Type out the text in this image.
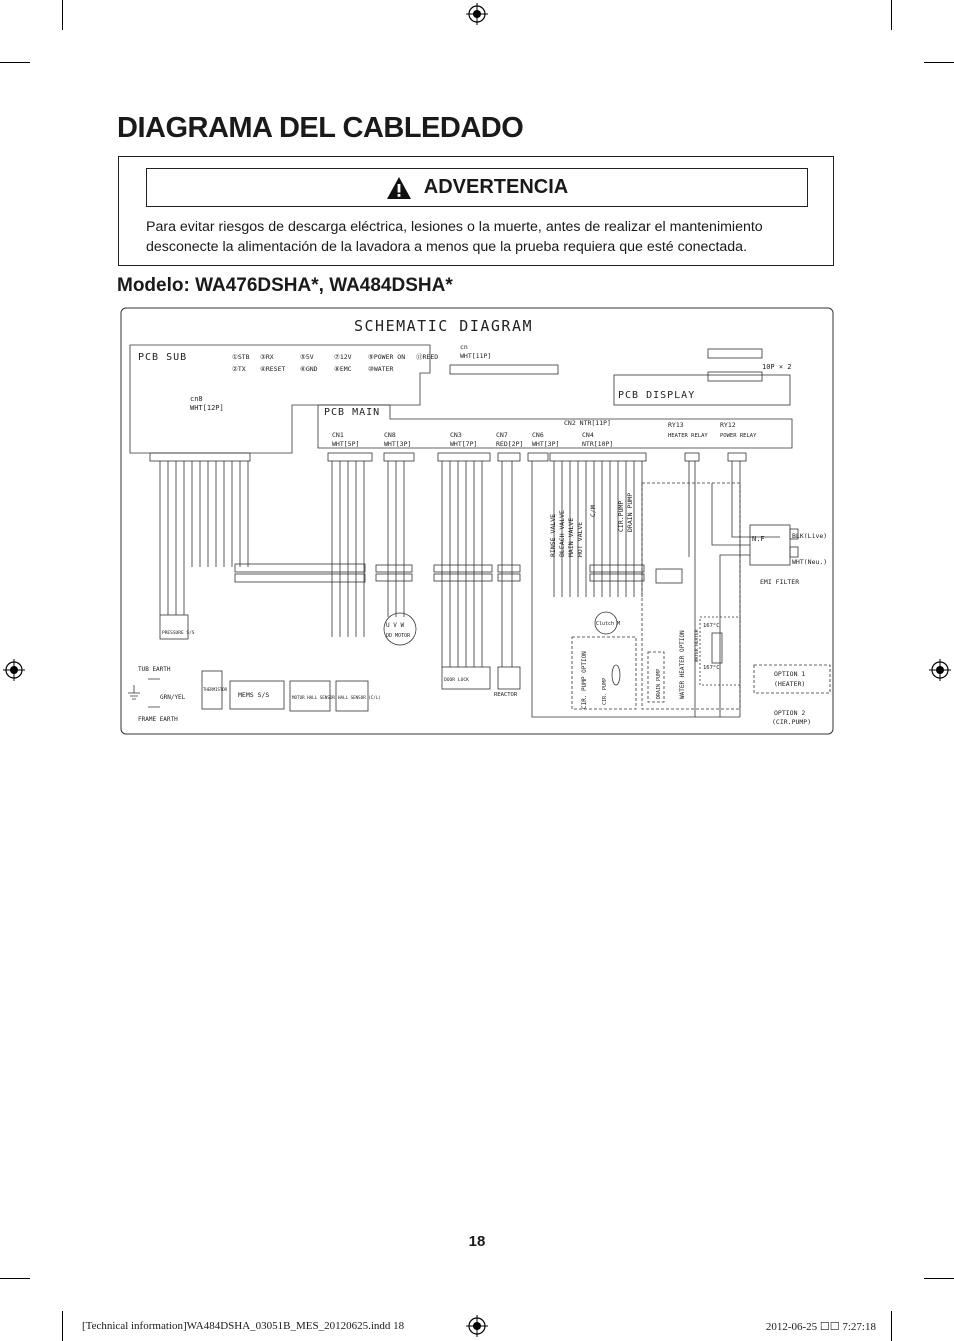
DIAGRAMA DEL CABLEDADO
ADVERTENCIA
Para evitar riesgos de descarga eléctrica, lesiones o la muerte, antes de realizar el mantenimiento desconecte la alimentación de la lavadora a menos que la prueba requiera que esté conectada.
Modelo: WA476DSHA*, WA484DSHA*
SCHEMATIC DIAGRAM
PCB SUB	①STB ③RX
②TX ④RESET
⑤5V
⑥GND
⑦12V
⑧EMC
⑨POWER ON ⑪REED
⑩WATER
cn8
WHT[12P]
cn
WHT[11P]
PCB DISPLAY
10P × 2
PCB MAIN
CN2 NTR[11P]
CN1
WHT[5P]
CN8
WHT[3P]
CN3
WHT[7P]
CN7
RED[2P]
CN6
WHT[3P]
CN4
NTR[10P]
RY13	RY12
HEATER RELAY POWER RELAY
RINSE VALVE BLEACH VALVE MAIN VALVE HOT VALVE
C/M	CIR.PUMP DRAIN PUMP
PRESSURE S/S
THERMISTOR
MEMS S/S	MOTOR HALL SENSOR HALL SENSOR (C/L)
DOOR LOCK
REACTOR
U V W
DD MOTOR
Clutch M
CIR. PUMP OPTION	CIR. PUMP	DRAIN PUMP	WATER HEATER OPTION
167°C
167°C
WATER HEATER
N.F	BLK(Live)
WHT(Neu.)
EMI FILTER
OPTION 1
(HEATER)
OPTION 2
(CIR.PUMP)
TUB EARTH
GRN/YEL
FRAME EARTH
18
[Technical information]WA484DSHA_03051B_MES_20120625.indd 18	2012-06-25 ☐☐ 7:27:18
